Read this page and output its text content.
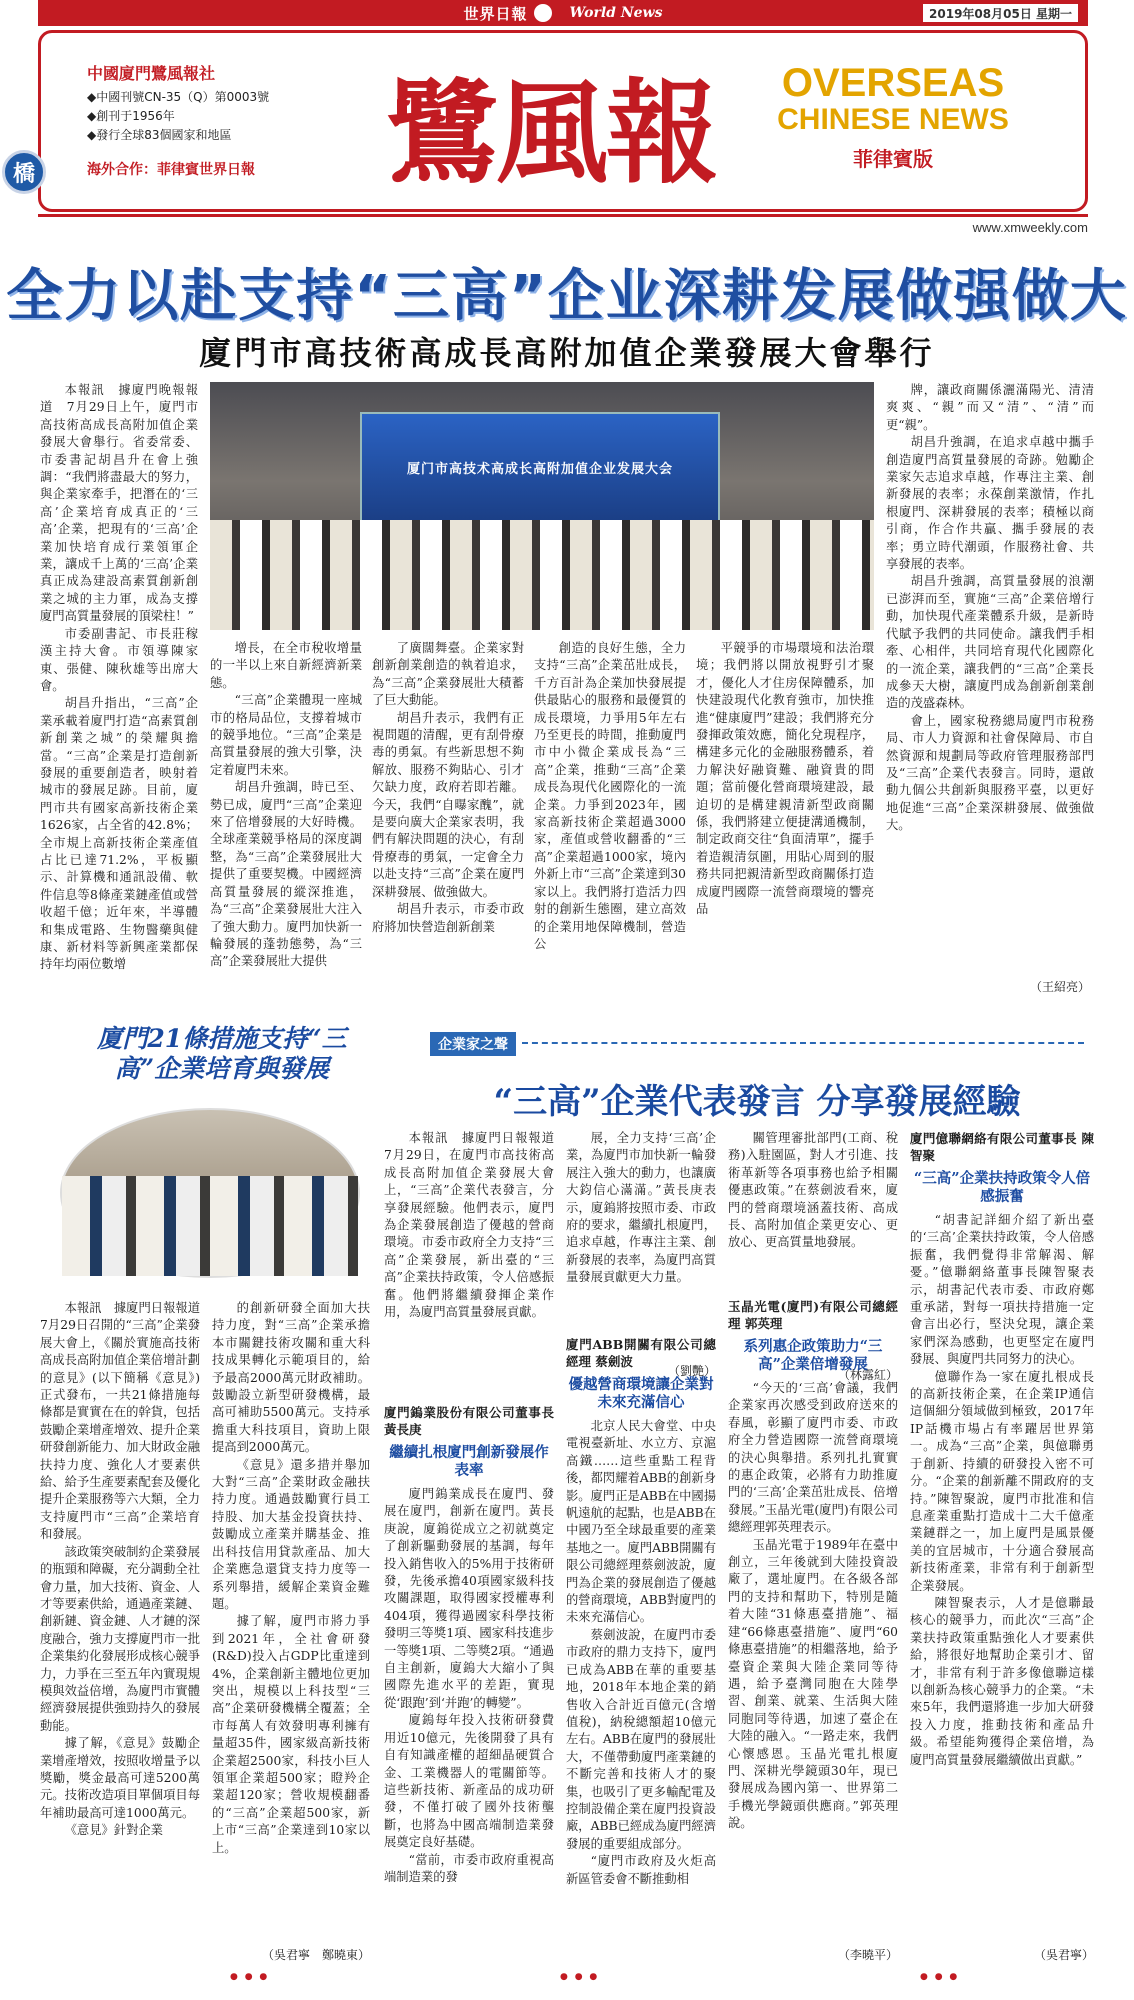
世界日報	World News	2019年08月05日 星期一
中國廈門鷺風報社
◆中國刊號CN-35（Q）第0003號
◆創刊于1956年
◆發行全球83個國家和地區
海外合作：菲律賓世界日報	鷺風報	OVERSEAS
CHINESE NEWS
菲律賓版
橋
www.xmweekly.com
全力以赴支持“三高”企业深耕发展做强做大
廈門市高技術高成長高附加值企業發展大會舉行
厦门市高技术高成长高附加值企业发展大会

本報訊　據廈門晚報報道　7月29日上午，廈門市高技術高成長高附加值企業發展大會舉行。省委常委、市委書記胡昌升在會上強調：“我們將盡最大的努力，與企業家牽手，把潛在的‘三高’企業培育成真正的‘三高’企業，把現有的‘三高’企業加快培育成行業領軍企業，讓成千上萬的‘三高’企業真正成為建設高素質創新創業之城的主力軍，成為支撐廈門高質量發展的頂梁柱！”

市委副書記、市長莊稼漢主持大會。市領導陳家東、張健、陳秋雄等出席大會。

胡昌升指出，“三高”企業承載着廈門打造“高素質創新創業之城”的榮耀與擔當。“三高”企業是打造創新發展的重要創造者，映射着城市的發展足跡。目前，廈門市共有國家高新技術企業1626家，占全省的42.8%；全市規上高新技術企業產值占比已達71.2%，平板顯示、計算機和通訊設備、軟件信息等8條產業鏈產值或營收超千億；近年來，半導體和集成電路、生物醫藥與健康、新材料等新興產業都保持年均兩位數增

增長，在全市稅收增量的一半以上來自新經濟新業態。

“三高”企業體現一座城市的格局品位，支撐着城市的競爭地位。“三高”企業是高質量發展的強大引擎，決定着廈門未來。

胡昌升強調，時已至、勢已成，廈門“三高”企業迎來了倍增發展的大好時機。全球產業競爭格局的深度調整，為“三高”企業發展壯大提供了重要契機。中國經濟高質量發展的縱深推進，為“三高”企業發展壯大注入了強大動力。廈門加快新一輪發展的蓬勃態勢，為“三高”企業發展壯大提供

了廣闊舞臺。企業家對創新創業創造的執着追求，為“三高”企業發展壯大積蓄了巨大動能。

胡昌升表示，我們有正視問題的清醒，更有刮骨療毒的勇氣。有些新思想不夠解放、服務不夠貼心、引才欠缺力度，政府若即若離。今天，我們“自曝家醜”，就是要向廣大企業家表明，我們有解決問題的決心，有刮骨療毒的勇氣，一定會全力以赴支持“三高”企業在廈門深耕發展、做強做大。

胡昌升表示，市委市政府將加快營造創新創業

創造的良好生態，全力支持“三高”企業茁壯成長，千方百計為企業加快發展提供最貼心的服務和最優質的成長環境，力爭用5年左右乃至更長的時間，推動廈門市中小微企業成長為“三高”企業，推動“三高”企業成長為現代化國際化的一流企業。力爭到2023年，國家高新技術企業超過3000家，產值或營收翻番的“三高”企業超過1000家，境內外新上市“三高”企業達到30家以上。我們將打造活力四射的創新生態圈，建立高效的企業用地保障機制，營造公

平競爭的市場環境和法治環境；我們將以開放視野引才聚才，優化人才住房保障體系，加快建設現代化教育強市，加快推進“健康廈門”建設；我們將充分發揮政策效應，簡化兌現程序，構建多元化的金融服務體系，着力解決好融資難、融資貴的問題；當前優化營商環境建設，最迫切的是構建親清新型政商關係，我們將建立便捷溝通機制，制定政商交往“負面清單”，擺手着造親清氛圍，用貼心周到的服務共同把親清新型政商關係打造成廈門國際一流營商環境的響亮品

牌，讓政商關係灑滿陽光、清清爽爽、“親”而又“清”、“清”而更“親”。

胡昌升強調，在追求卓越中攜手創造廈門高質量發展的奇跡。勉勵企業家矢志追求卓越，作專注主業、創新發展的表率；永葆創業激情，作扎根廈門、深耕發展的表率；積極以商引商，作合作共贏、攜手發展的表率；勇立時代潮頭，作服務社會、共享發展的表率。

胡昌升強調，高質量發展的浪潮已澎湃而至，實施“三高”企業倍增行動，加快現代產業體系升級，是新時代賦予我們的共同使命。讓我們手相牽、心相伴，共同培育現代化國際化的一流企業，讓我們的“三高”企業長成參天大樹，讓廈門成為創新創業創造的茂盛森林。

會上，國家稅務總局廈門市稅務局、市人力資源和社會保障局、市自然資源和規劃局等政府管理服務部門及“三高”企業代表發言。同時，還啟動九個公共創新與服務平臺，以更好地促進“三高”企業深耕發展、做強做大。

（王紹亮）
廈門21條措施支持“三高”企業培育與發展

本報訊　據廈門日報報道　7月29日召開的“三高”企業發展大會上，《關於實施高技術高成長高附加值企業倍增計劃的意見》(以下簡稱《意見》)正式發布，一共21條措施每條都是實實在在的幹貨，包括鼓勵企業增產增效、提升企業研發創新能力、加大財政金融扶持力度、強化人才要素供給、給予生產要素配套及優化提升企業服務等六大類，全力支持廈門市“三高”企業培育和發展。

該政策突破制約企業發展的瓶頸和障礙，充分調動全社會力量，加大技術、資金、人才等要素供給，通過產業鏈、創新鏈、資金鏈、人才鏈的深度融合，強力支撐廈門市一批企業集約化發展形成核心競爭力，力爭在三至五年內實現規模與效益倍增，為廈門市實體經濟發展提供強勁持久的發展動能。

據了解，《意見》鼓勵企業增產增效，按照收增量予以獎勵，獎金最高可達5200萬元。技術改造項目單個項目每年補助最高可達1000萬元。

《意見》針對企業

的創新研發全面加大扶持力度，對“三高”企業承擔本市關鍵技術攻關和重大科技成果轉化示範項目的，給予最高2000萬元財政補助。鼓勵設立新型研發機構，最高可補助5500萬元。支持承擔重大科技項目，資助上限提高到2000萬元。

《意見》還多措并舉加大對“三高”企業財政金融扶持力度。通過鼓勵實行員工持股、加大基金投資扶持、鼓勵成立產業并購基金、推出科技信用貸款產品、加大企業應急還貸支持力度等一系列舉措，緩解企業資金難題。

據了解，廈門市將力爭到2021年，全社會研發(R&D)投入占GDP比重達到4%，企業創新主體地位更加突出，規模以上科技型“三高”企業研發機構全覆蓋；全市每萬人有效發明專利擁有量超35件，國家級高新技術企業超2500家，科技小巨人領軍企業超500家；瞪羚企業超120家；營收規模翻番的“三高”企業超500家，新上市“三高”企業達到10家以上。

（吳君寧　鄭曉東）
● ● ●
企業家之聲
“三高”企業代表發言 分享發展經驗

本報訊　據廈門日報報道　7月29日，在廈門市高技術高成長高附加值企業發展大會上，“三高”企業代表發言，分享發展經驗。他們表示，廈門為企業發展創造了優越的營商環境。市委市政府全力支持“三高”企業發展，新出臺的“三高”企業扶持政策，令人倍感振奮。他們將繼續發揮企業作用，為廈門高質量發展貢獻。

展，全力支持‘三高’企業，為廈門市加快新一輪發展注入強大的動力，也讓廣大鈞信心滿滿。”黃長庚表示，廈鎢將按照市委、市政府的要求，繼續扎根廈門，追求卓越，作專注主業、創新發展的表率，為廈門高質量發展貢獻更大力量。

（劉艷）

關管理審批部門(工商、稅務)入駐園區，對人才引進、技術革新等各項事務也給予相關優惠政策。”在蔡劍波看來，廈門的營商環境涵蓋技術、高成長、高附加值企業更安心、更放心、更高質量地發展。

（林露紅）

廈門鎢業股份有限公司董事長 黃長庚

繼續扎根廈門創新發展作表率

廈門鎢業成長在廈門、發展在廈門，創新在廈門。黃長庚說，廈鎢從成立之初就奠定了創新驅動發展的基調，每年投入銷售收入的5%用于技術研發，先後承擔40項國家級科技攻關課題，取得國家授權專利404項，獲得過國家科學技術發明三等獎1項、國家科技進步一等獎1項、二等獎2項。“通過自主創新，廈鎢大大縮小了與國際先進水平的差距，實現從‘跟跑’到‘并跑’的轉變”。

廈鎢每年投入技術研發費用近10億元，先後開發了具有自有知識產權的超細晶硬質合金、工業機器人的電關節等。這些新技術、新產品的成功研發，不僅打破了國外技術壟斷，也將為中國高端制造業發展奠定良好基礎。

“當前，市委市政府重視高端制造業的發

廈門ABB開關有限公司總經理 蔡劍波

優越營商環境讓企業對未來充滿信心

北京人民大會堂、中央電視臺新址、水立方、京滬高鐵……這些重點工程背後，都閃耀着ABB的創新身影。廈門正是ABB在中國揚帆遠航的起點，也是ABB在中國乃至全球最重要的產業基地之一。廈門ABB開關有限公司總經理蔡劍波說，廈門為企業的發展創造了優越的營商環境，ABB對廈門的未來充滿信心。

蔡劍波說，在廈門市委市政府的鼎力支持下，廈門已成為ABB在華的重要基地，2018年本地企業的銷售收入合計近百億元(含增值稅)，納稅總額超10億元左右。ABB在廈門的發展壯大，不僅帶動廈門產業鏈的不斷完善和技術人才的聚集，也吸引了更多輸配電及控制設備企業在廈門投資設廠，ABB已經成為廈門經濟發展的重要組成部分。

“廈門市政府及火炬高新區管委會不斷推動相

玉晶光電(廈門)有限公司總經理 郭英理

系列惠企政策助力“三高”企業倍增發展

“今天的‘三高’會議，我們企業家再次感受到政府送來的春風，彰顯了廈門市委、市政府全力營造國際一流營商環境的決心與舉措。系列扎扎實實的惠企政策，必將有力助推廈門的‘三高’企業茁壯成長、倍增發展。”玉晶光電(廈門)有限公司總經理郭英理表示。

玉晶光電于1989年在臺中創立，三年後就到大陸投資設廠了，選址廈門。在各級各部門的支持和幫助下，特別是隨着大陸“31條惠臺措施”、福建“66條惠臺措施”、廈門“60條惠臺措施”的相繼落地，給予臺資企業與大陸企業同等待遇，給予臺灣同胞在大陸學習、創業、就業、生活與大陸同胞同等待遇，加速了臺企在大陸的融入。“一路走來，我們心懷感恩。玉晶光電扎根廈門、深耕光學鏡頭30年，現已發展成為國內第一、世界第二手機光學鏡頭供應商。”郭英理說。

（李曉平）

廈門億聯網絡有限公司董事長 陳智聚

“三高”企業扶持政策令人倍感振奮

“胡書記詳細介紹了新出臺的‘三高’企業扶持政策，令人倍感振奮，我們覺得非常解渴、解憂。”億聯網絡董事長陳智聚表示，胡書記代表市委、市政府鄭重承諾，對每一項扶持措施一定會言出必行，堅決兌現，讓企業家們深為感動，也更堅定在廈門發展、與廈門共同努力的決心。

億聯作為一家在廈扎根成長的高新技術企業，在企業IP通信這個細分領域做到極致，2017年IP話機市場占有率躍居世界第一。成為“三高”企業，與億聯勇于創新、持續的研發投入密不可分。“企業的創新離不開政府的支持。”陳智聚說，廈門市批准和信息產業重點打造成十二大千億產業鏈群之一，加上廈門是風景優美的宜居城市，十分適合發展高新技術產業，非常有利于創新型企業發展。

陳智聚表示，人才是億聯最核心的競爭力，而此次“三高”企業扶持政策重點強化人才要素供給，將很好地幫助企業引才、留才，非常有利于許多像億聯這樣以創新為核心競爭力的企業。“未來5年，我們還將進一步加大研發投入力度，推動技術和產品升級。希望能夠獲得企業倍增，為廈門高質量發展繼續做出貢獻。”

（吳君寧）
● ● ●
● ● ●
